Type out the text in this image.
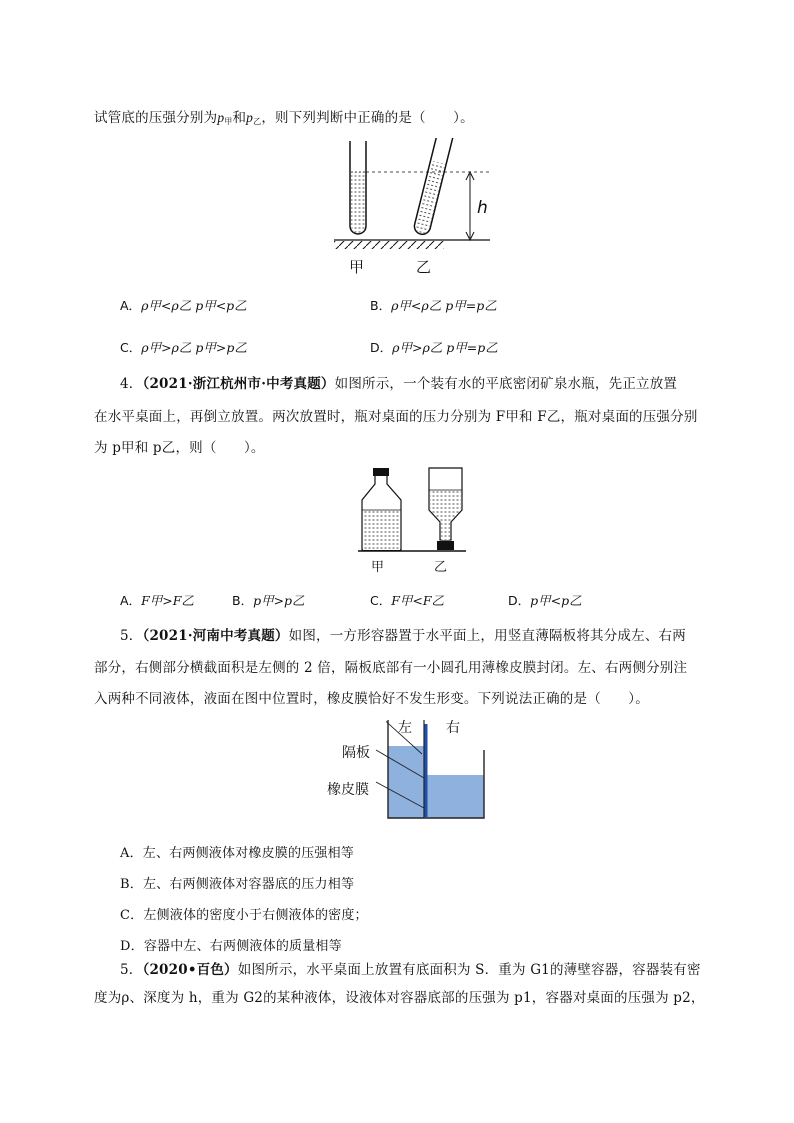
试管底的压强分别为$p_甲$和$p_乙$，则下列判断中正确的是（　　）。
h
甲	乙
A．ρ甲<ρ乙 p甲<p乙	B．ρ甲<ρ乙 p甲=p乙
C．ρ甲>ρ乙 p甲>p乙	D．ρ甲>ρ乙 p甲=p乙
4．（2021·浙江杭州市·中考真题）如图所示，一个装有水的平底密闭矿泉水瓶，先正立放置
在水平桌面上，再倒立放置。两次放置时，瓶对桌面的压力分别为 F甲和 F乙，瓶对桌面的压强分别
为 p甲和 p乙，则（　　）。
甲	乙
A．F甲>F乙	B．p甲>p乙	C．F甲<F乙	D．p甲<p乙
5．（2021·河南中考真题）如图，一方形容器置于水平面上，用竖直薄隔板将其分成左、右两
部分，右侧部分横截面积是左侧的 2 倍，隔板底部有一小圆孔用薄橡皮膜封闭。左、右两侧分别注
入两种不同液体，液面在图中位置时，橡皮膜恰好不发生形变。下列说法正确的是（　　）。
左 右
隔板
橡皮膜
A．左、右两侧液体对橡皮膜的压强相等
B．左、右两侧液体对容器底的压力相等
C．左侧液体的密度小于右侧液体的密度；
D．容器中左、右两侧液体的质量相等
5．（2020•百色）如图所示，水平桌面上放置有底面积为 S．重为 G1的薄壁容器，容器装有密
度为ρ、深度为 h，重为 G2的某种液体，设液体对容器底部的压强为 p1，容器对桌面的压强为 p2，
